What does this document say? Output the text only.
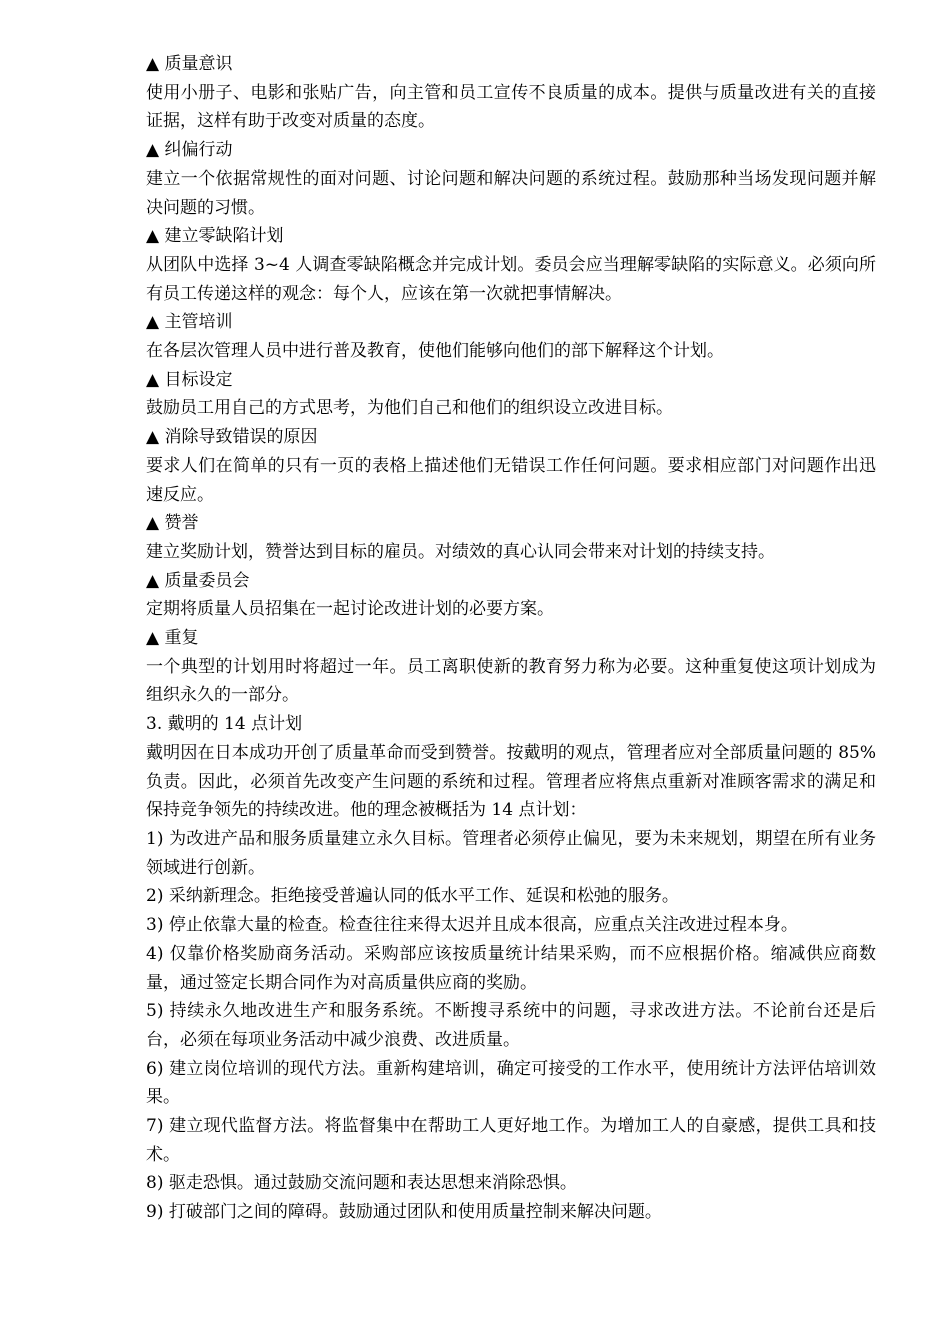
▲ 质量意识

使用小册子、电影和张贴广告，向主管和员工宣传不良质量的成本。提供与质量改进有关的直接证据，这样有助于改变对质量的态度。

▲ 纠偏行动

建立一个依据常规性的面对问题、讨论问题和解决问题的系统过程。鼓励那种当场发现问题并解决问题的习惯。

▲ 建立零缺陷计划

从团队中选择 3~4 人调查零缺陷概念并完成计划。委员会应当理解零缺陷的实际意义。必须向所有员工传递这样的观念：每个人，应该在第一次就把事情解决。

▲ 主管培训

在各层次管理人员中进行普及教育，使他们能够向他们的部下解释这个计划。

▲ 目标设定

鼓励员工用自己的方式思考，为他们自己和他们的组织设立改进目标。

▲ 消除导致错误的原因

要求人们在简单的只有一页的表格上描述他们无错误工作任何问题。要求相应部门对问题作出迅速反应。

▲ 赞誉

建立奖励计划，赞誉达到目标的雇员。对绩效的真心认同会带来对计划的持续支持。

▲ 质量委员会

定期将质量人员招集在一起讨论改进计划的必要方案。

▲ 重复

一个典型的计划用时将超过一年。员工离职使新的教育努力称为必要。这种重复使这项计划成为组织永久的一部分。

3. 戴明的 14 点计划

戴明因在日本成功开创了质量革命而受到赞誉。按戴明的观点，管理者应对全部质量问题的 85%负责。因此，必须首先改变产生问题的系统和过程。管理者应将焦点重新对准顾客需求的满足和保持竞争领先的持续改进。他的理念被概括为 14 点计划：

1) 为改进产品和服务质量建立永久目标。管理者必须停止偏见，要为未来规划，期望在所有业务领域进行创新。

2) 采纳新理念。拒绝接受普遍认同的低水平工作、延误和松弛的服务。

3) 停止依靠大量的检查。检查往往来得太迟并且成本很高，应重点关注改进过程本身。

4) 仅靠价格奖励商务活动。采购部应该按质量统计结果采购，而不应根据价格。缩减供应商数量，通过签定长期合同作为对高质量供应商的奖励。

5) 持续永久地改进生产和服务系统。不断搜寻系统中的问题，寻求改进方法。不论前台还是后台，必须在每项业务活动中减少浪费、改进质量。

6) 建立岗位培训的现代方法。重新构建培训，确定可接受的工作水平，使用统计方法评估培训效果。

7) 建立现代监督方法。将监督集中在帮助工人更好地工作。为增加工人的自豪感，提供工具和技术。

8) 驱走恐惧。通过鼓励交流问题和表达思想来消除恐惧。

9) 打破部门之间的障碍。鼓励通过团队和使用质量控制来解决问题。
